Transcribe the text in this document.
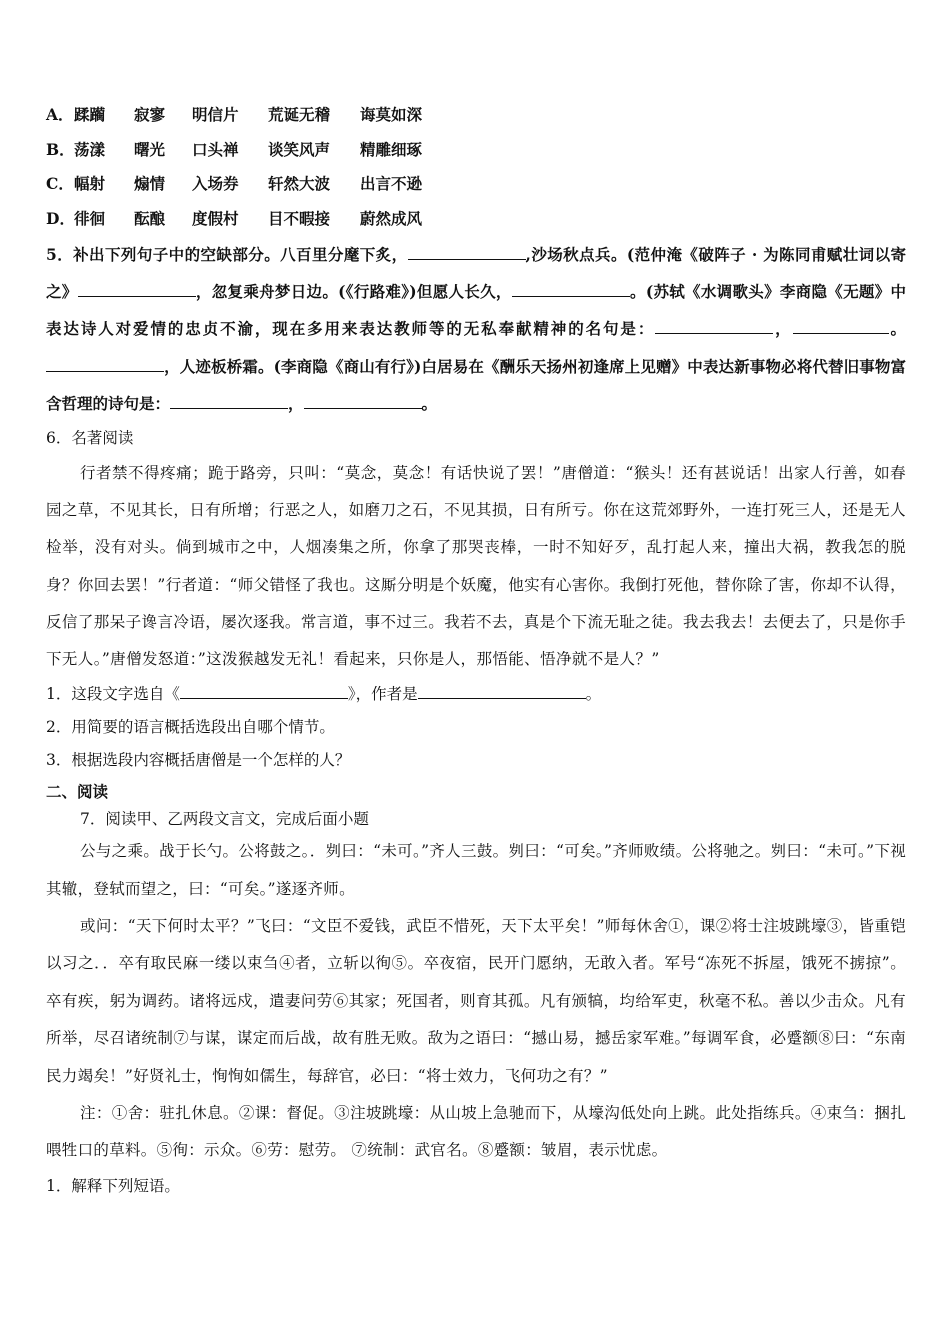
A． 蹂躏	寂寥	明信片	荒诞无稽	诲莫如深
B． 荡漾	曙光	口头禅	谈笑风声	精雕细琢
C． 幅射	煽情	入场券	轩然大波	出言不逊
D． 徘徊	酝酿	度假村	目不暇接	蔚然成风

5．补出下列句子中的空缺部分。八百里分麾下炙，	,沙场秋点兵。(范仲淹《破阵子 · 为陈同甫赋壮词以寄之》	，忽复乘舟梦日边。(《行路难》)但愿人长久，	。(苏轼《水调歌头》李商隐《无题》中表达诗人对爱情的忠贞不渝，现在多用来表达教师等的无私奉献精神的名句是：	，	。，人迹板桥霜。(李商隐《商山有行》)白居易在《酬乐天扬州初逢席上见赠》中表达新事物必将代替旧事物富含哲理的诗句是：	，	。

6．名著阅读

行者禁不得疼痛；跪于路旁，只叫：“莫念，莫念！有话快说了罢！”唐僧道：“猴头！还有甚说话！出家人行善，如春园之草，不见其长，日有所增；行恶之人，如磨刀之石，不见其损，日有所亏。你在这荒郊野外，一连打死三人，还是无人检举，没有对头。倘到城市之中，人烟凑集之所，你拿了那哭丧棒，一时不知好歹，乱打起人来，撞出大祸，教我怎的脱身？你回去罢！”行者道：“师父错怪了我也。这厮分明是个妖魔，他实有心害你。我倒打死他，替你除了害，你却不认得，反信了那呆子谗言冷语，屡次逐我。常言道，事不过三。我若不去，真是个下流无耻之徒。我去我去！去便去了，只是你手下无人。”唐僧发怒道：”这泼猴越发无礼！看起来，只你是人，那悟能、悟净就不是人？”

1．这段文字选自《	》，作者是	。

2．用简要的语言概括选段出自哪个情节。

3．根据选段内容概括唐僧是一个怎样的人？

二、阅读

7．阅读甲、乙两段文言文，完成后面小题

公与之乘。战于长勺。公将鼓之。．刿曰：“未可。”齐人三鼓。刿曰：“可矣。”齐师败绩。公将驰之。刿曰：“未可。”下视其辙，登轼而望之，曰：“可矣。”遂逐齐师。

或问：“天下何时太平？”飞曰：“文臣不爱钱，武臣不惜死，天下太平矣！”师每休舍①，课②将士注坡跳壕③，皆重铠以习之．．卒有取民麻一缕以束刍④者，立斩以徇⑤。卒夜宿，民开门愿纳，无敢入者。军号“冻死不拆屋，饿死不掳掠”。卒有疾，躬为调药。诸将远戍，遣妻问劳⑥其家；死国者，则育其孤。凡有颁犒，均给军吏，秋毫不私。善以少击众。凡有所举，尽召诸统制⑦与谋，谋定而后战，故有胜无败。敌为之语曰：“撼山易，撼岳家军难。”每调军食，必蹙额⑧曰：“东南民力竭矣！”好贤礼士，恂恂如儒生，每辞官，必曰：“将士效力，飞何功之有？”

注：①舍：驻扎休息。②课：督促。③注坡跳壕：从山坡上急驰而下，从壕沟低处向上跳。此处指练兵。④束刍：捆扎喂牲口的草料。⑤徇：示众。⑥劳：慰劳。 ⑦统制：武官名。⑧蹙额：皱眉，表示忧虑。

1．解释下列短语。
